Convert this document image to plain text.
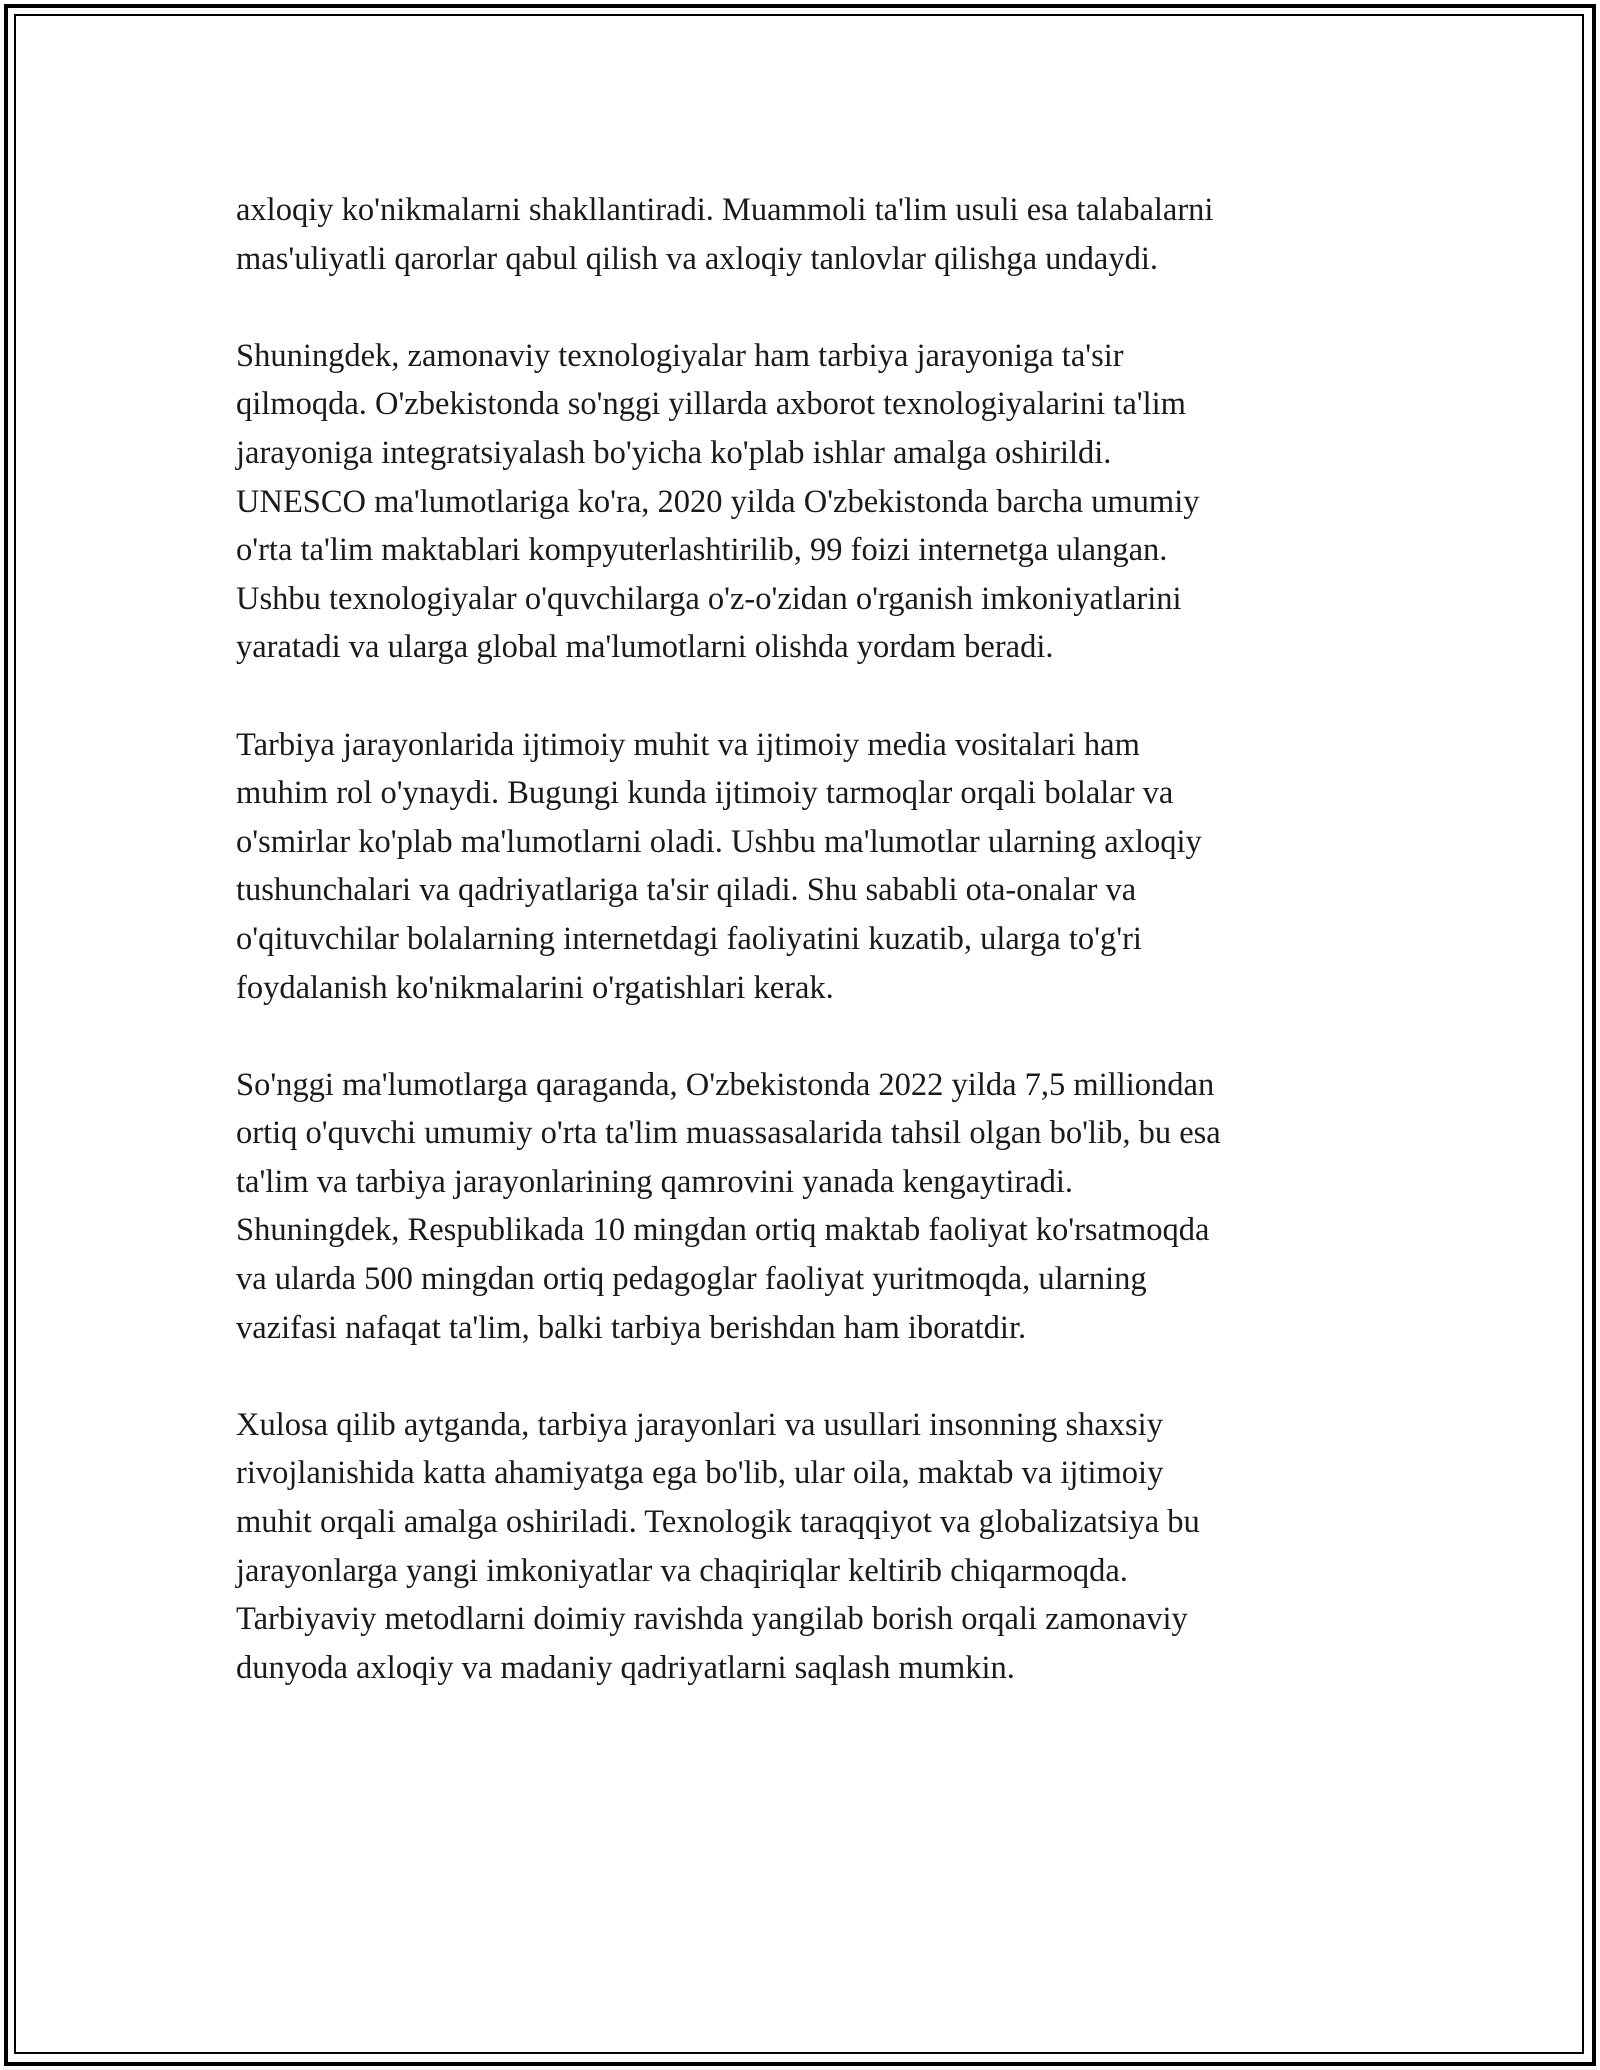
axloqiy ko'nikmalarni shakllantiradi. Muammoli ta'lim usuli esa talabalarni
mas'uliyatli qarorlar qabul qilish va axloqiy tanlovlar qilishga undaydi.

Shuningdek, zamonaviy texnologiyalar ham tarbiya jarayoniga ta'sir
qilmoqda. O'zbekistonda so'nggi yillarda axborot texnologiyalarini ta'lim
jarayoniga integratsiyalash bo'yicha ko'plab ishlar amalga oshirildi.
UNESCO ma'lumotlariga ko'ra, 2020 yilda O'zbekistonda barcha umumiy
o'rta ta'lim maktablari kompyuterlashtirilib, 99 foizi internetga ulangan.
Ushbu texnologiyalar o'quvchilarga o'z-o'zidan o'rganish imkoniyatlarini
yaratadi va ularga global ma'lumotlarni olishda yordam beradi.

Tarbiya jarayonlarida ijtimoiy muhit va ijtimoiy media vositalari ham
muhim rol o'ynaydi. Bugungi kunda ijtimoiy tarmoqlar orqali bolalar va
o'smirlar ko'plab ma'lumotlarni oladi. Ushbu ma'lumotlar ularning axloqiy
tushunchalari va qadriyatlariga ta'sir qiladi. Shu sababli ota-onalar va
o'qituvchilar bolalarning internetdagi faoliyatini kuzatib, ularga to'g'ri
foydalanish ko'nikmalarini o'rgatishlari kerak.

So'nggi ma'lumotlarga qaraganda, O'zbekistonda 2022 yilda 7,5 milliondan
ortiq o'quvchi umumiy o'rta ta'lim muassasalarida tahsil olgan bo'lib, bu esa
ta'lim va tarbiya jarayonlarining qamrovini yanada kengaytiradi.
Shuningdek, Respublikada 10 mingdan ortiq maktab faoliyat ko'rsatmoqda
va ularda 500 mingdan ortiq pedagoglar faoliyat yuritmoqda, ularning
vazifasi nafaqat ta'lim, balki tarbiya berishdan ham iboratdir.

Xulosa qilib aytganda, tarbiya jarayonlari va usullari insonning shaxsiy
rivojlanishida katta ahamiyatga ega bo'lib, ular oila, maktab va ijtimoiy
muhit orqali amalga oshiriladi. Texnologik taraqqiyot va globalizatsiya bu
jarayonlarga yangi imkoniyatlar va chaqiriqlar keltirib chiqarmoqda.
Tarbiyaviy metodlarni doimiy ravishda yangilab borish orqali zamonaviy
dunyoda axloqiy va madaniy qadriyatlarni saqlash mumkin.
